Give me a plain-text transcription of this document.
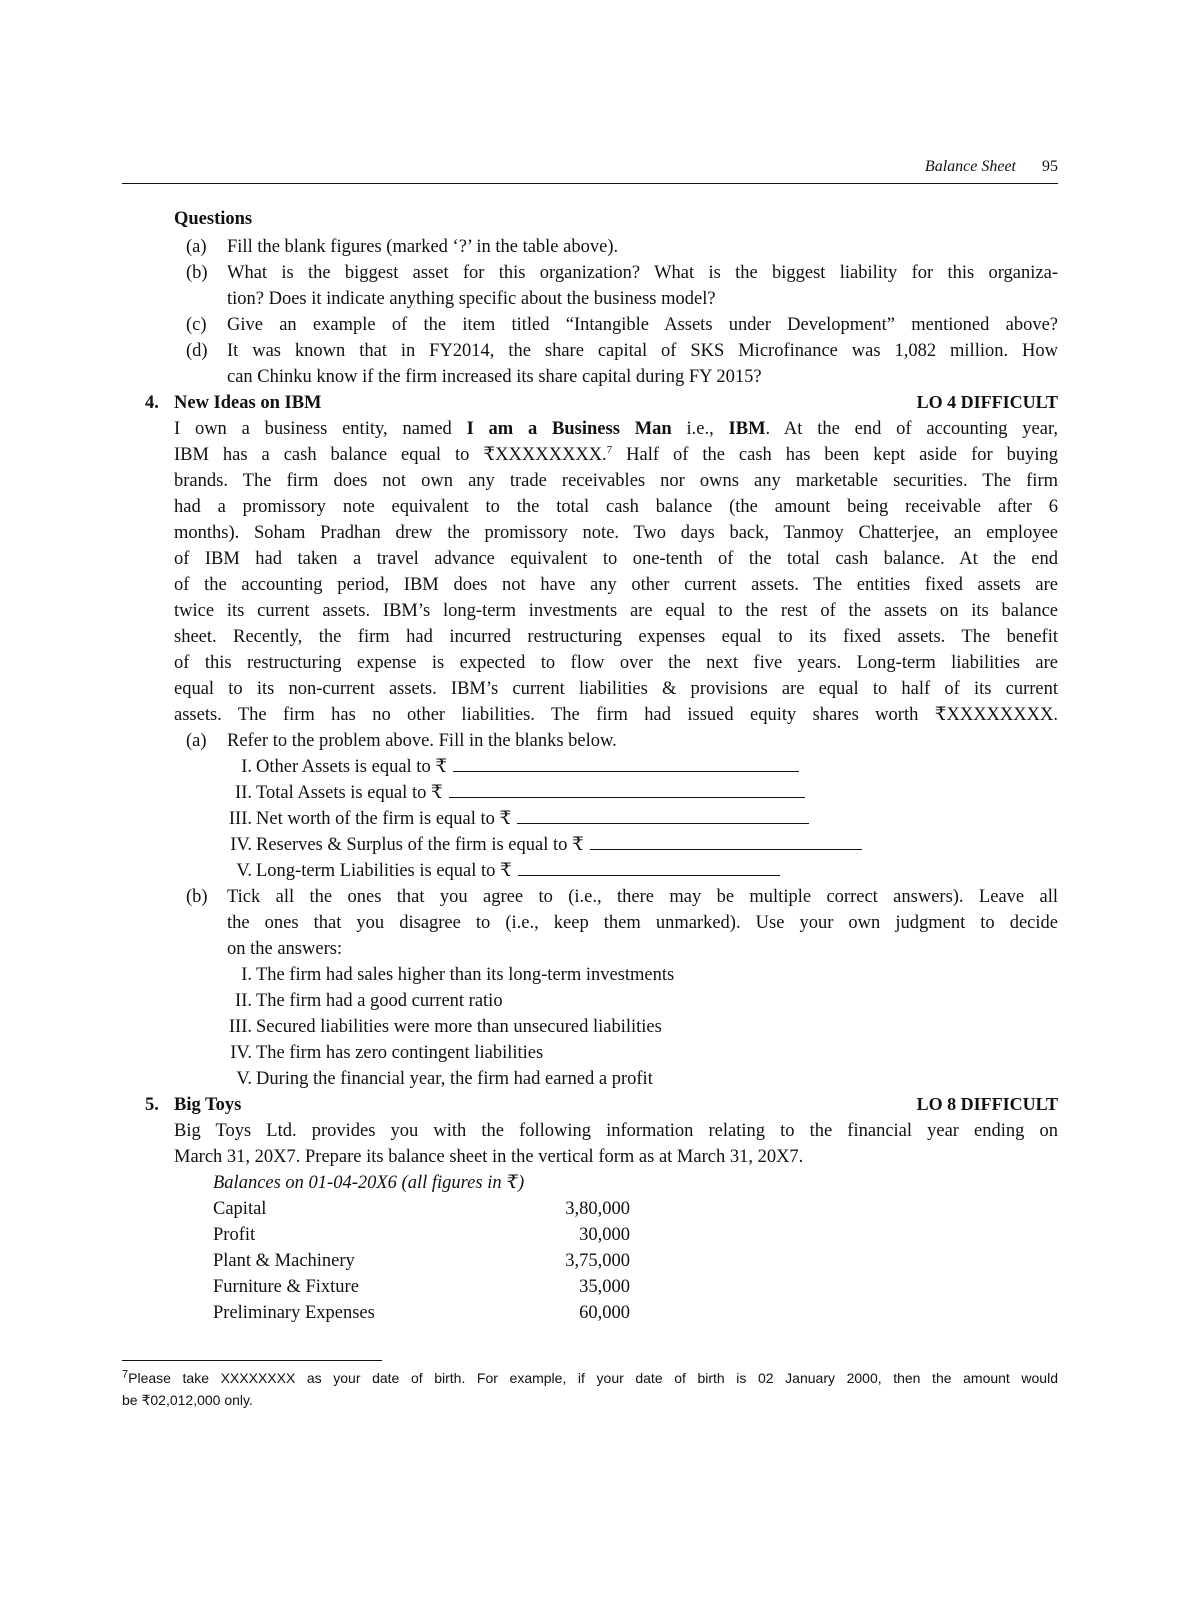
Balance Sheet 95
Questions
(a) Fill the blank figures (marked ‘?’ in the table above).
(b) What is the biggest asset for this organization? What is the biggest liability for this organiza-
tion? Does it indicate anything specific about the business model?
(c) Give an example of the item titled “Intangible Assets under Development” mentioned above?
(d) It was known that in FY2014, the share capital of SKS Microfinance was 1,082 million. How
can Chinku know if the firm increased its share capital during FY 2015?
4. New Ideas on IBM	LO 4 DIFFICULT
I own a business entity, named I am a Business Man i.e., IBM. At the end of accounting year,
IBM has a cash balance equal to ₹XXXXXXXX.$^7$ Half of the cash has been kept aside for buying
brands. The firm does not own any trade receivables nor owns any marketable securities. The firm
had a promissory note equivalent to the total cash balance (the amount being receivable after 6
months). Soham Pradhan drew the promissory note. Two days back, Tanmoy Chatterjee, an employee
of IBM had taken a travel advance equivalent to one-tenth of the total cash balance. At the end
of the accounting period, IBM does not have any other current assets. The entities fixed assets are
twice its current assets. IBM’s long-term investments are equal to the rest of the assets on its balance
sheet. Recently, the firm had incurred restructuring expenses equal to its fixed assets. The benefit
of this restructuring expense is expected to flow over the next five years. Long-term liabilities are
equal to its non-current assets. IBM’s current liabilities & provisions are equal to half of its current
assets. The firm has no other liabilities. The firm had issued equity shares worth ₹XXXXXXXX.
(a) Refer to the problem above. Fill in the blanks below.
I. Other Assets is equal to ₹
II. Total Assets is equal to ₹
III. Net worth of the firm is equal to ₹
IV. Reserves & Surplus of the firm is equal to ₹
V. Long-term Liabilities is equal to ₹
(b) Tick all the ones that you agree to (i.e., there may be multiple correct answers). Leave all
the ones that you disagree to (i.e., keep them unmarked). Use your own judgment to decide
on the answers:
I. The firm had sales higher than its long-term investments
II. The firm had a good current ratio
III. Secured liabilities were more than unsecured liabilities
IV. The firm has zero contingent liabilities
V. During the financial year, the firm had earned a profit
5. Big Toys	LO 8 DIFFICULT
Big Toys Ltd. provides you with the following information relating to the financial year ending on
March 31, 20X7. Prepare its balance sheet in the vertical form as at March 31, 20X7.
Balances on 01-04-20X6 (all figures in ₹)
Capital	3,80,000
Profit	30,000
Plant & Machinery	3,75,000
Furniture & Fixture	35,000
Preliminary Expenses	60,000
$^7$Please take XXXXXXXX as your date of birth. For example, if your date of birth is 02 January 2000, then the amount would
be ₹02,012,000 only.
